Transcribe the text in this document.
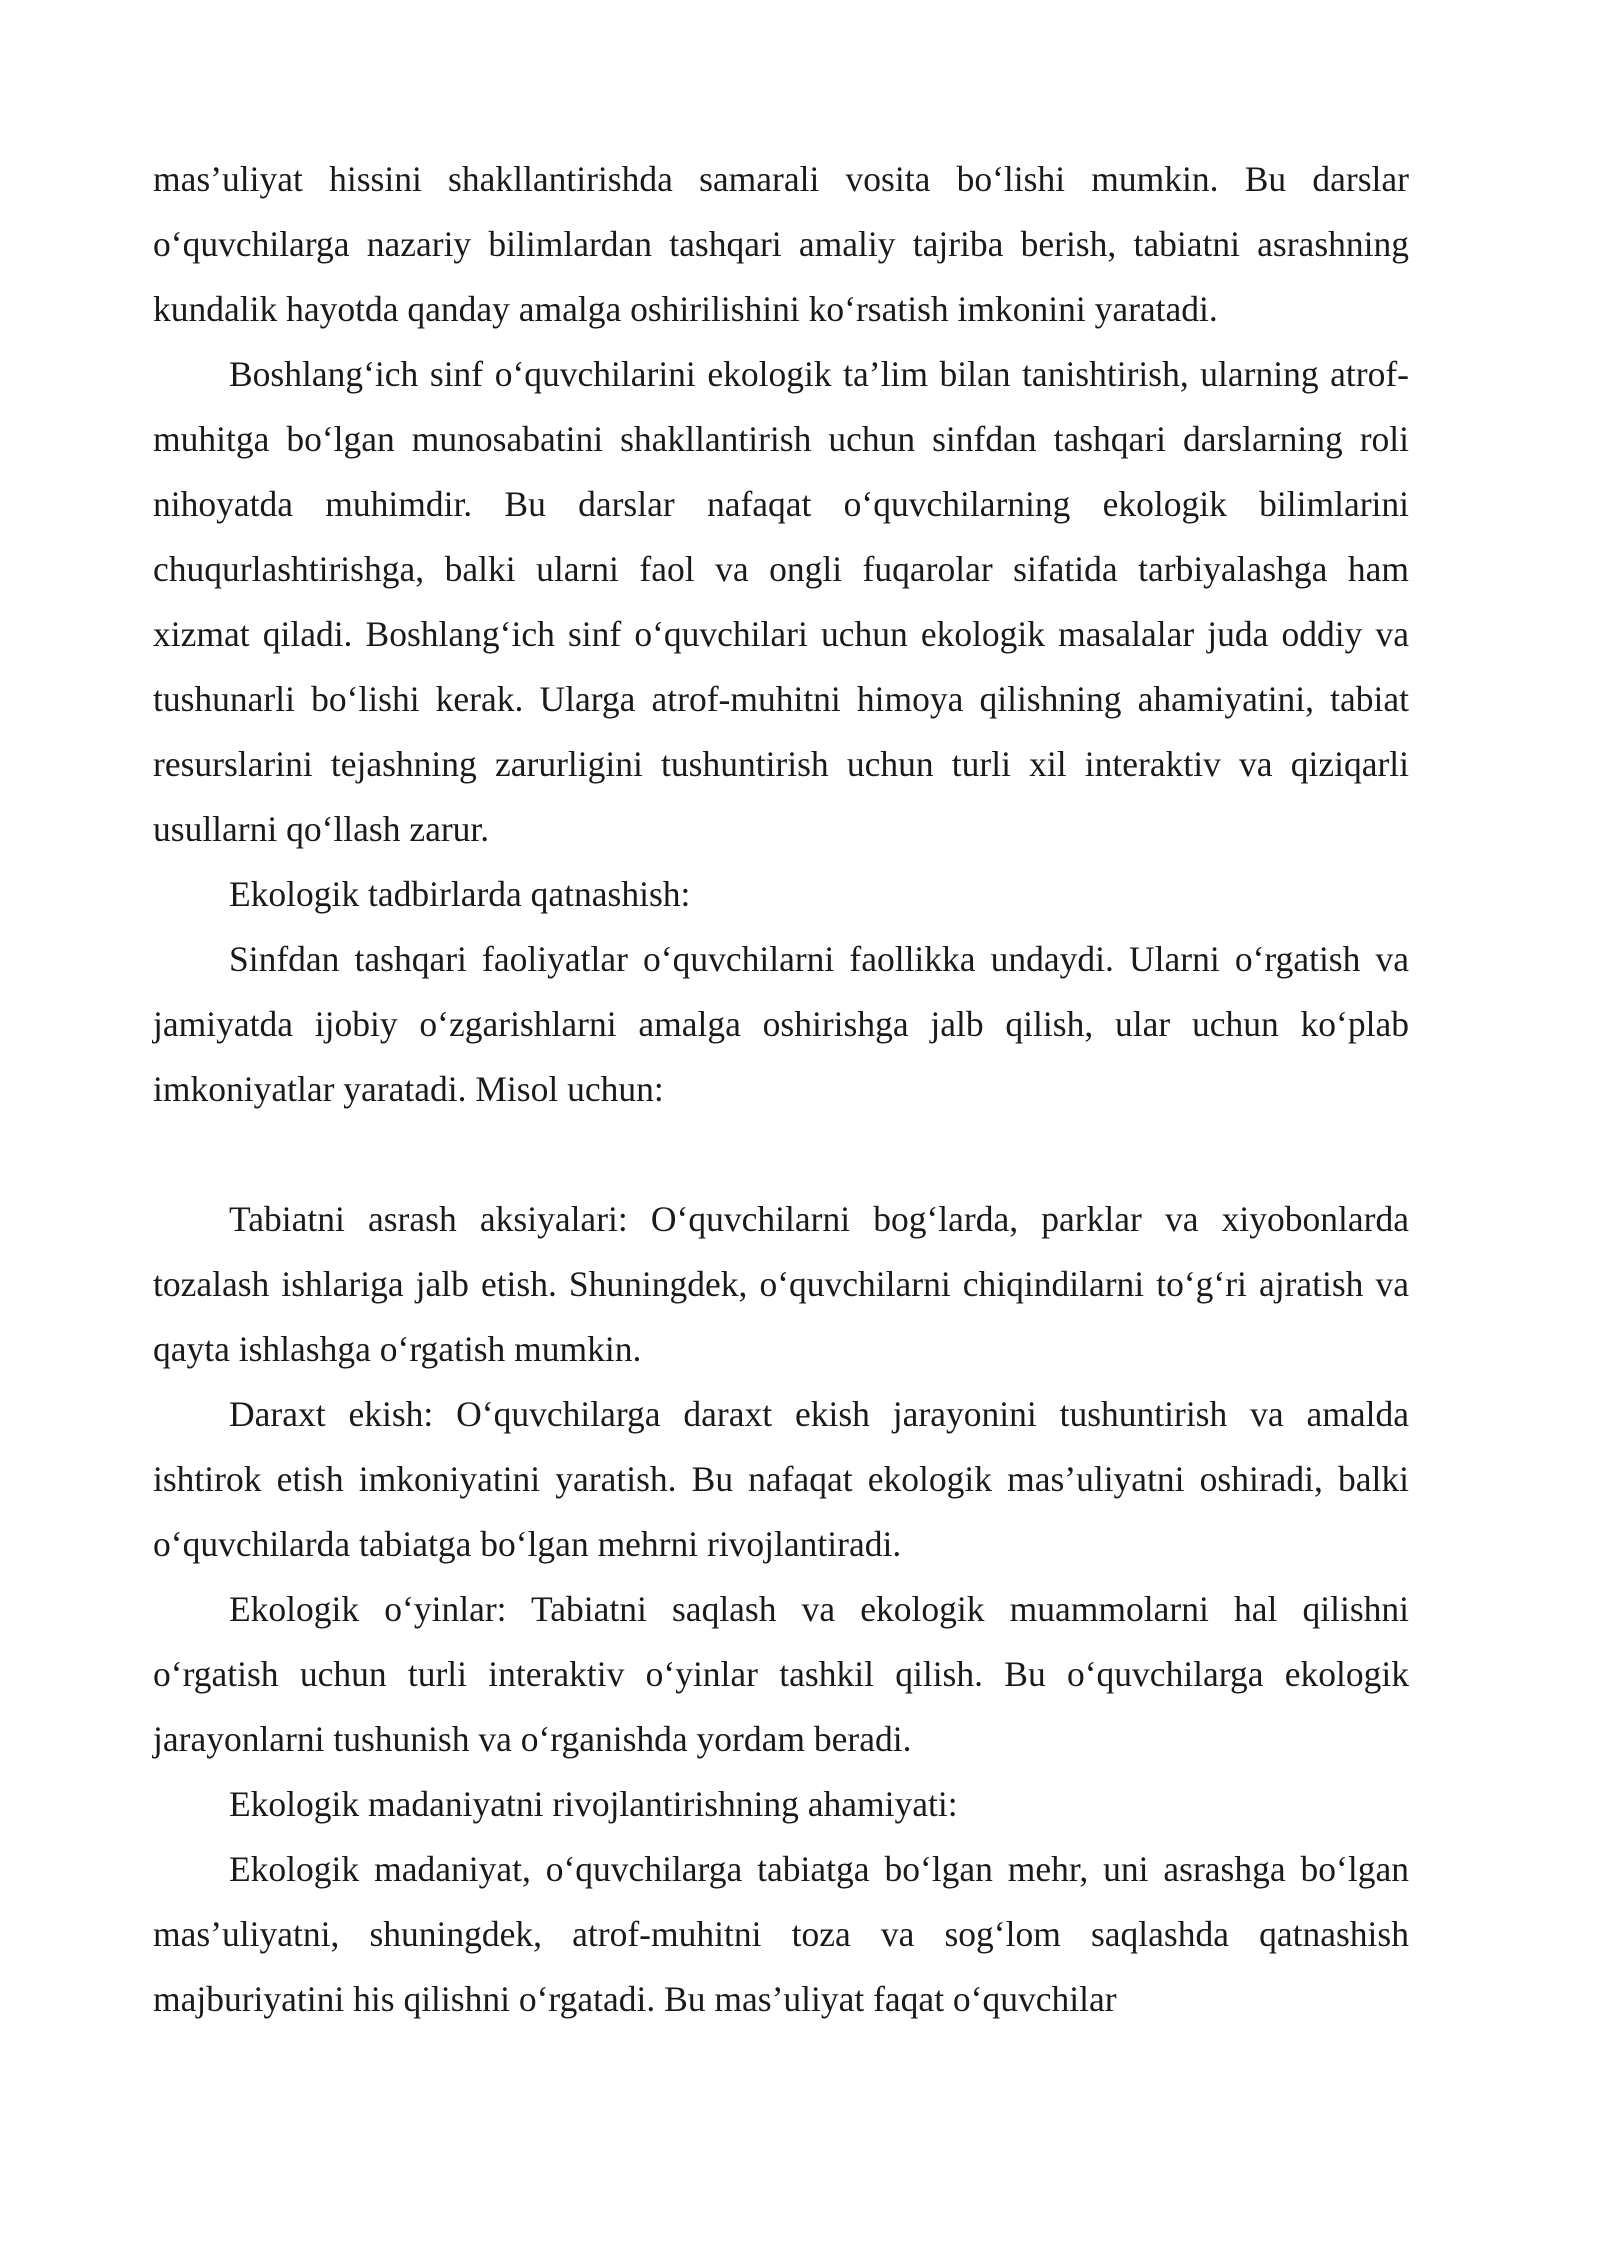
mas’uliyat hissini shakllantirishda samarali vosita bo‘lishi mumkin. Bu darslar o‘quvchilarga nazariy bilimlardan tashqari amaliy tajriba berish, tabiatni asrashning kundalik hayotda qanday amalga oshirilishini ko‘rsatish imkonini yaratadi.

Boshlang‘ich sinf o‘quvchilarini ekologik ta’lim bilan tanishtirish, ularning atrof-muhitga bo‘lgan munosabatini shakllantirish uchun sinfdan tashqari darslarning roli nihoyatda muhimdir. Bu darslar nafaqat o‘quvchilarning ekologik bilimlarini chuqurlashtirishga, balki ularni faol va ongli fuqarolar sifatida tarbiyalashga ham xizmat qiladi. Boshlang‘ich sinf o‘quvchilari uchun ekologik masalalar juda oddiy va tushunarli bo‘lishi kerak. Ularga atrof-muhitni himoya qilishning ahamiyatini, tabiat resurslarini tejashning zarurligini tushuntirish uchun turli xil interaktiv va qiziqarli usullarni qo‘llash zarur.

Ekologik tadbirlarda qatnashish:

Sinfdan tashqari faoliyatlar o‘quvchilarni faollikka undaydi. Ularni o‘rgatish va jamiyatda ijobiy o‘zgarishlarni amalga oshirishga jalb qilish, ular uchun ko‘plab imkoniyatlar yaratadi. Misol uchun:

Tabiatni asrash aksiyalari: O‘quvchilarni bog‘larda, parklar va xiyobonlarda tozalash ishlariga jalb etish. Shuningdek, o‘quvchilarni chiqindilarni to‘g‘ri ajratish va qayta ishlashga o‘rgatish mumkin.

Daraxt ekish: O‘quvchilarga daraxt ekish jarayonini tushuntirish va amalda ishtirok etish imkoniyatini yaratish. Bu nafaqat ekologik mas’uliyatni oshiradi, balki o‘quvchilarda tabiatga bo‘lgan mehrni rivojlantiradi.

Ekologik o‘yinlar: Tabiatni saqlash va ekologik muammolarni hal qilishni o‘rgatish uchun turli interaktiv o‘yinlar tashkil qilish. Bu o‘quvchilarga ekologik jarayonlarni tushunish va o‘rganishda yordam beradi.

Ekologik madaniyatni rivojlantirishning ahamiyati:

Ekologik madaniyat, o‘quvchilarga tabiatga bo‘lgan mehr, uni asrashga bo‘lgan mas’uliyatni, shuningdek, atrof-muhitni toza va sog‘lom saqlashda qatnashish majburiyatini his qilishni o‘rgatadi. Bu mas’uliyat faqat o‘quvchilar
